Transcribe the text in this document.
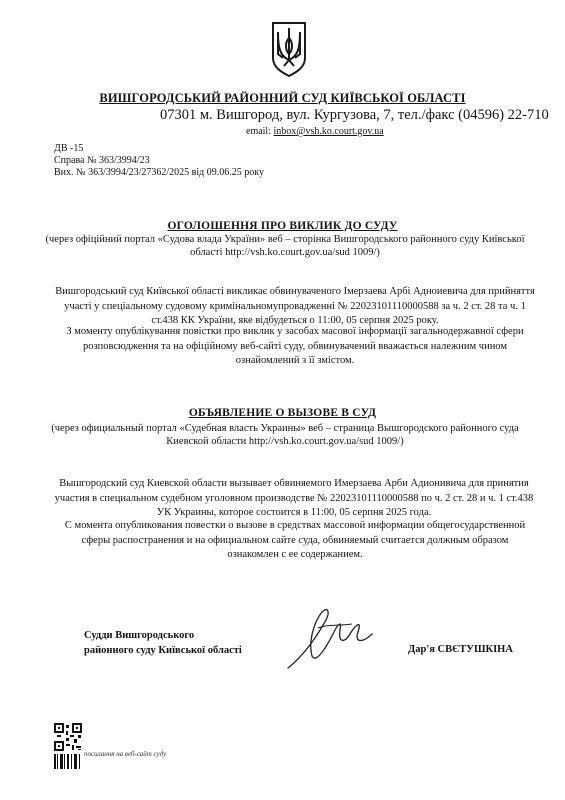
ВИШГОРОДСЬКИЙ РАЙОННИЙ СУД КИЇВСЬКОЇ ОБЛАСТІ
07301 м. Вишгород, вул. Кургузова, 7, тел./факс (04596) 22-710
email: inbox@vsh.ko.court.gov.ua
ДВ -15
Справа № 363/3994/23
Вих. № 363/3994/23/27362/2025 від 09.06.25 року
ОГОЛОШЕННЯ ПРО ВИКЛИК ДО СУДУ
(через офіційний портал «Судова влада України» веб – сторінка Вишгородського районного суду Київської області http://vsh.ko.court.gov.ua/sud 1009/)
Вишгородський суд Київської області викликає обвинуваченого Імерзаева Арбі Адноиевича для прийняття участі у спеціальному судовому кримінальномупровадженні № 22023101110000588 за ч. 2 ст. 28 та ч. 1 ст.438 КК України, яке відбудеться о 11:00, 05 серпня 2025 року.
З моменту опублікування повістки про виклик у засобах масової інформації загальнодержавної сфери розповсюдження та на офіційному веб-сайті суду, обвинувачений вважається належним чином ознайомлений з її змістом.
ОБЪЯВЛЕНИЕ О ВЫЗОВЕ В СУД
(через официальный портал «Судебная власть Украины» веб – страница Вышгородского районного суда Киевской области http://vsh.ko.court.gov.ua/sud 1009/)
Вышгородский суд Киевской области вызывает обвиняемого Имерзаева Арби Адионивича для принятия участия в специальном судебном уголовном производстве № 22023101110000588 по ч. 2 ст. 28 и ч. 1 ст.438 УК Украины, которое состоится в 11:00, 05 серпня 2025 года.
С момента опубликования повестки о вызове в средствах массовой информации общегосударственной сферы распостранения и на официальном сайте суда, обвиняемый считается должным образом ознакомлен с ее содержанием.
Судди Вишгородського
районного суду Київської області	Дар'я СВЄТУШКІНА
посилання на веб-сайт суду
